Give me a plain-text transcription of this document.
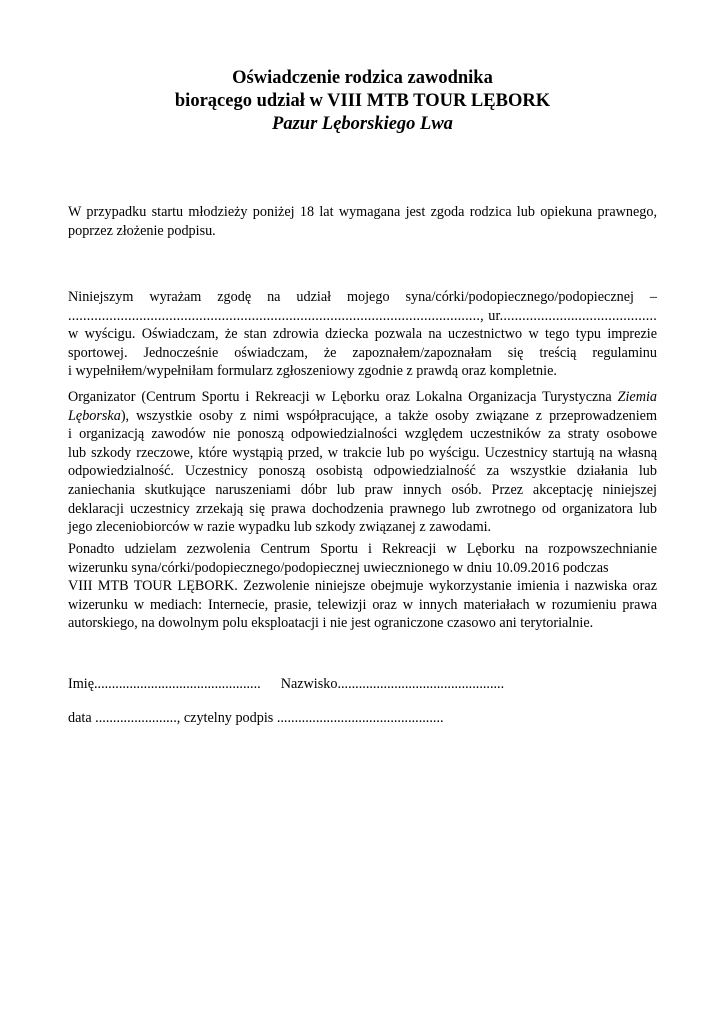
Oświadczenie rodzica zawodnika
biorącego udział w VIII MTB TOUR LĘBORK
Pazur Lęborskiego Lwa
W przypadku startu młodzieży poniżej 18 lat wymagana jest zgoda rodzica lub opiekuna prawnego,
poprzez złożenie podpisu.
Niniejszym wyrażam zgodę na udział mojego syna/córki/podopiecznego/podopiecznej –
.............................................................................................................., ur..........................................
w wyścigu. Oświadczam, że stan zdrowia dziecka pozwala na uczestnictwo w tego typu imprezie
sportowej. Jednocześnie oświadczam, że zapoznałem/zapoznałam się treścią regulaminu
i wypełniłem/wypełniłam formularz zgłoszeniowy zgodnie z prawdą oraz kompletnie.
Organizator (Centrum Sportu i Rekreacji w Lęborku oraz Lokalna Organizacja Turystyczna Ziemia
Lęborska), wszystkie osoby z nimi współpracujące, a także osoby związane z przeprowadzeniem
i organizacją zawodów nie ponoszą odpowiedzialności względem uczestników za straty osobowe
lub szkody rzeczowe, które wystąpią przed, w trakcie lub po wyścigu. Uczestnicy startują na własną
odpowiedzialność. Uczestnicy ponoszą osobistą odpowiedzialność za wszystkie działania lub
zaniechania skutkujące naruszeniami dóbr lub praw innych osób. Przez akceptację niniejszej
deklaracji uczestnicy zrzekają się prawa dochodzenia prawnego lub zwrotnego od organizatora lub
jego zleceniobiorców w razie wypadku lub szkody związanej z zawodami.
Ponadto udzielam zezwolenia Centrum Sportu i Rekreacji w Lęborku na rozpowszechnianie
wizerunku syna/córki/podopiecznego/podopiecznej uwiecznionego w dniu 10.09.2016 podczas
VIII MTB TOUR LĘBORK. Zezwolenie niniejsze obejmuje wykorzystanie imienia i nazwiska oraz
wizerunku w mediach: Internecie, prasie, telewizji oraz w innych materiałach w rozumieniu prawa
autorskiego, na dowolnym polu eksploatacji i nie jest ograniczone czasowo ani terytorialnie.
Imię............................................... Nazwisko...............................................
data ......................., czytelny podpis ...............................................
